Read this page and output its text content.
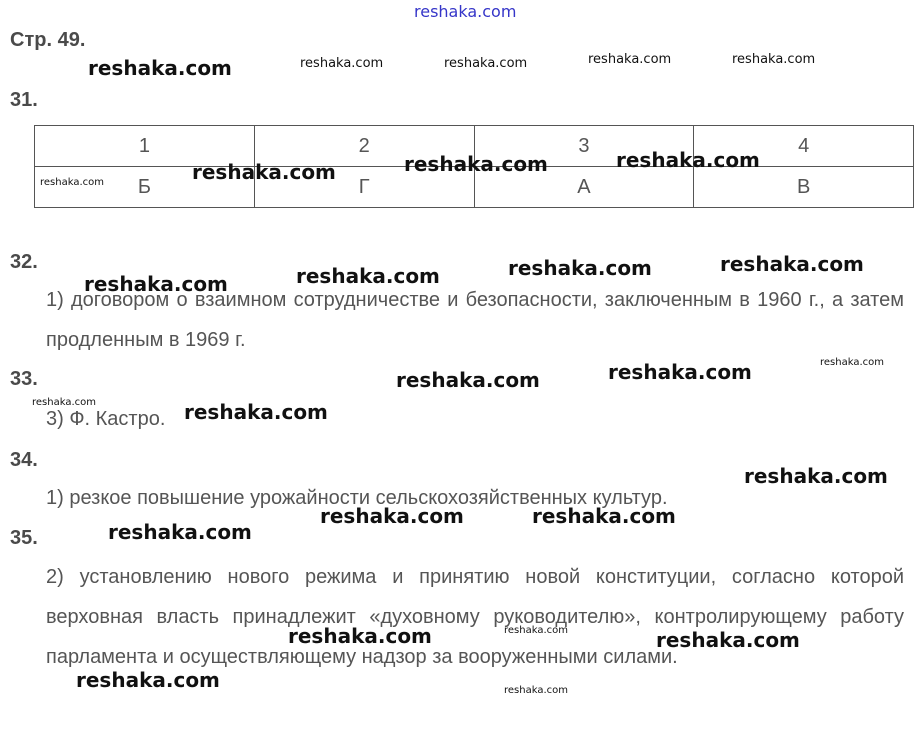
reshaka.com
Стр. 49.
31.
1	2	3	4
Б	Г	А	В
32.
1) договором о взаимном сотрудничестве и безопасности, заключенным в 1960 г., а затем продленным в 1969 г.
33.
3) Ф. Кастро.
34.
1) резкое повышение урожайности сельскохозяйственных культур.
35.
2) установлению нового режима и принятию новой конституции, согласно которой верховная власть принадлежит «духовному руководителю», контролирующему работу парламента и осуществляющему надзор за вооруженными силами.
reshaka.com	reshaka.com	reshaka.com	reshaka.com	reshaka.com
reshaka.com	reshaka.com	reshaka.com	reshaka.com
reshaka.com	reshaka.com	reshaka.com	reshaka.com
reshaka.com
reshaka.com	reshaka.com
reshaka.com	reshaka.com
reshaka.com
reshaka.com	reshaka.com
reshaka.com
reshaka.com	reshaka.com	reshaka.com
reshaka.com	reshaka.com
